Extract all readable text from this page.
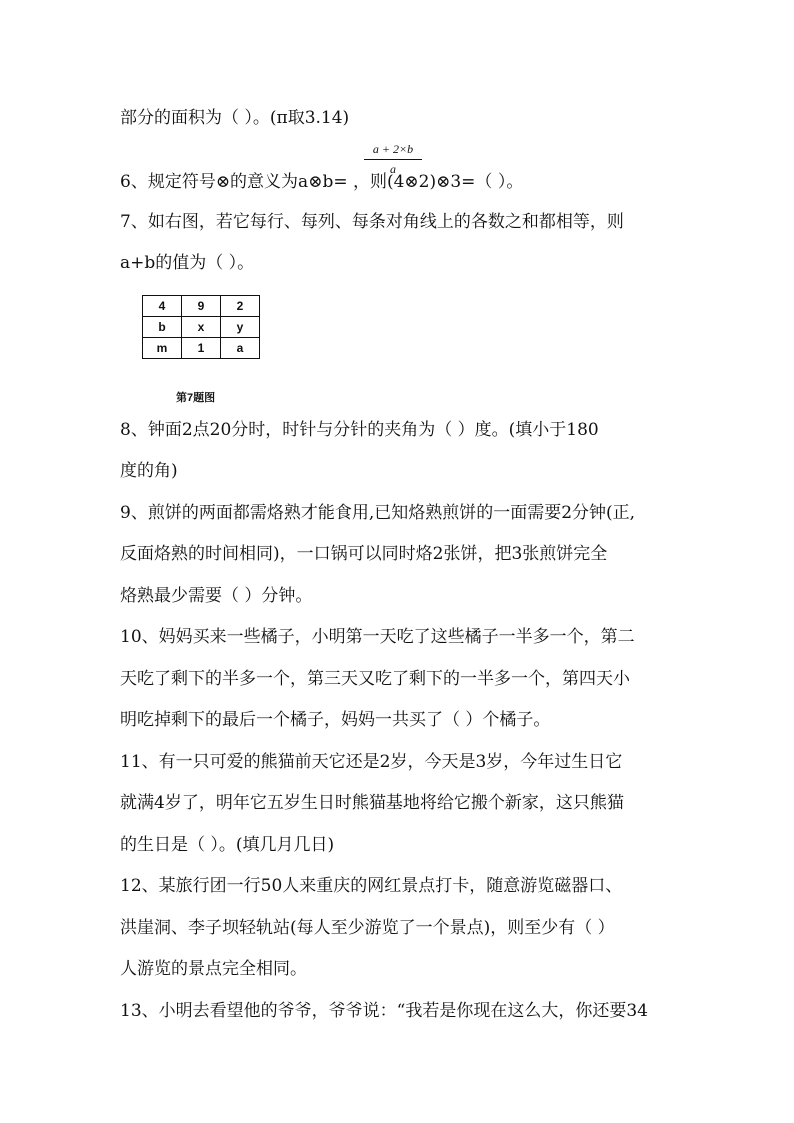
部分的面积为（ ）。(π取3.14)
6、规定符号⊗的意义为a⊗b= ，则(4⊗2)⊗3=（ ）。
a + 2×b
a
7、如右图，若它每行、每列、每条对角线上的各数之和都相等，则
a+b的值为（ ）。
4	9	2
b	x	y
m	1	a
第7题图
8、钟面2点20分时，时针与分针的夹角为（ ）度。(填小于180
度的角)
9、煎饼的两面都需烙熟才能食用,已知烙熟煎饼的一面需要2分钟(正,
反面烙熟的时间相同)，一口锅可以同时烙2张饼，把3张煎饼完全
烙熟最少需要（ ）分钟。
10、妈妈买来一些橘子，小明第一天吃了这些橘子一半多一个，第二
天吃了剩下的半多一个，第三天又吃了剩下的一半多一个，第四天小
明吃掉剩下的最后一个橘子，妈妈一共买了（ ）个橘子。
11、有一只可爱的熊猫前天它还是2岁，今天是3岁，今年过生日它
就满4岁了，明年它五岁生日时熊猫基地将给它搬个新家，这只熊猫
的生日是（ ）。(填几月几日)
12、某旅行团一行50人来重庆的网红景点打卡，随意游览磁器口、
洪崖洞、李子坝轻轨站(每人至少游览了一个景点)，则至少有（ ）
人游览的景点完全相同。
13、小明去看望他的爷爷，爷爷说：“我若是你现在这么大，你还要34
